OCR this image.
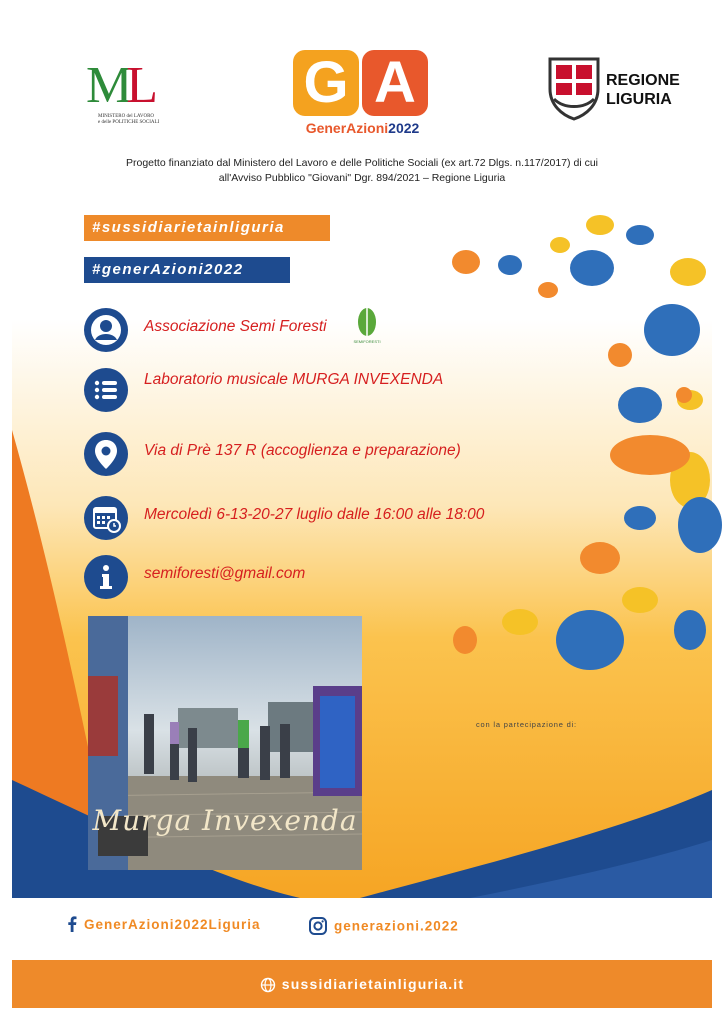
ML
MINISTERO del LAVORO
e delle POLITICHE SOCIALI
G A
GenerAzioni2022
REGIONE
LIGURIA
Progetto finanziato dal Ministero del Lavoro e delle Politiche Sociali (ex art.72 Dlgs. n.117/2017) di cui
all'Avviso Pubblico "Giovani" Dgr. 894/2021 – Regione Liguria
#sussidiarietainliguria
#generAzioni2022
Associazione Semi Foresti
SEMIFORESTI
Laboratorio musicale MURGA INVEXENDA
Via di Prè 137 R (accoglienza e preparazione)
Mercoledì 6-13-20-27 luglio dalle 16:00 alle 18:00
semiforesti@gmail.com
Murga Invexenda
con la partecipazione di:
GenerAzioni2022Liguria	generazioni.2022
sussidiarietainliguria.it
